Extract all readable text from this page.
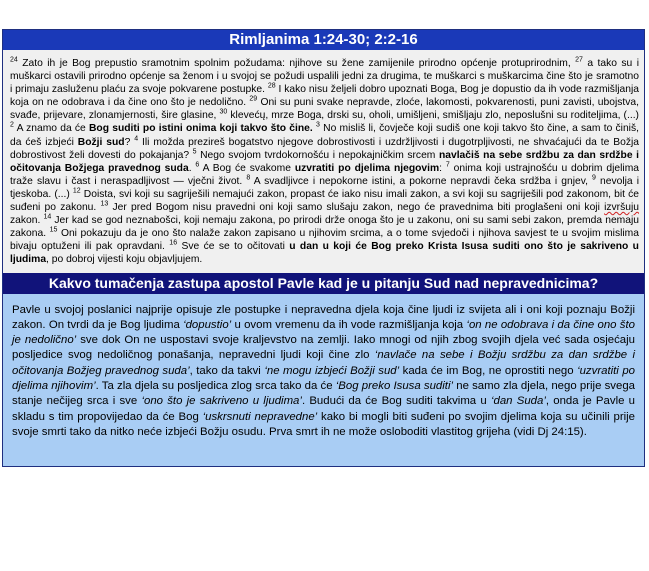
Rimljanima 1:24-30; 2:2-16
$^{24}$ Zato ih je Bog prepustio sramotnim spolnim požudama: njihove su žene zamijenile prirodno općenje protuprirodnim, $^{27}$ a tako su i muškarci ostavili prirodno općenje sa ženom i u svojoj se požudi uspalili jedni za drugima, te muškarci s muškarcima čine što je sramotno i primaju zasluženu plaću za svoje pokvarene postupke. $^{28}$ I kako nisu željeli dobro upoznati Boga, Bog je dopustio da ih vode razmišljanja koja on ne odobrava i da čine ono što je nedolično. $^{29}$ Oni su puni svake nepravde, zloće, lakomosti, pokvarenosti, puni zavisti, ubojstva, svađe, prijevare, zlonamjernosti, šire glasine, $^{30}$ klevećų, mrze Boga, drski su, oholi, umišljeni, smišljaju zlo, neposlušni su roditeljima, (...) $^2$ A znamo da će Bog suditi po istini onima koji takvo što čine. $^3$ No misliš li, čovječe koji sudiš one koji takvo što čine, a sam to činiš, da ćeš izbjeći Božji sud? $^4$ Ili možda prezireš bogatstvo njegove dobrostivosti i uzdržljivosti i dugotrpljivosti, ne shvaćajući da te Božja dobrostivost želi dovesti do pokajanja? $^5$ Nego svojom tvrdokornošću i nepokajničkim srcem navlačiš na sebe srdžbu za dan srdžbe i očitovanja Božjega pravednog suda. $^6$ A Bog će svakome uzvratiti po djelima njegovim: $^7$ onima koji ustrajnošću u dobrim djelima traže slavu i čast i neraspadljivost — vječni život. $^8$ A svadljivce i nepokorne istini, a pokorne nepravdi čeka srdžba i gnjev, $^9$ nevolja i tjeskoba. (...) $^{12}$ Doista, svi koji su sagriješili nemajući zakon, propast će iako nisu imali zakon, a svi koji su sagriješili pod zakonom, bit će suđeni po zakonu. $^{13}$ Jer pred Bogom nisu pravedni oni koji samo slušaju zakon, nego će pravednima biti proglašeni oni koji izvršuju zakon. $^{14}$ Jer kad se god neznabošci, koji nemaju zakona, po prirodi drže onoga što je u zakonu, oni su sami sebi zakon, premda nemaju zakona. $^{15}$ Oni pokazuju da je ono što nalaže zakon zapisano u njihovim srcima, a o tome svjedoči i njihova savjest te u svojim mislima bivaju optuženi ili pak opravdani. $^{16}$ Sve će se to očitovati u dan u koji će Bog preko Krista Isusa suditi ono što je sakriveno u ljudima, po dobroj vijesti koju objavljujem.
Kakvo tumačenja zastupa apostol Pavle kad je u pitanju Sud nad nepravednicima?
Pavle u svojoj poslanici najprije opisuje zle postupke i nepravedna djela koja čine ljudi iz svijeta ali i oni koji poznaju Božji zakon. On tvrdi da je Bog ljudima ‘dopustio’ u ovom vremenu da ih vode razmišljanja koja ‘on ne odobrava i da čine ono što je nedolično’ sve dok On ne uspostavi svoje kraljevstvo na zemlji. Iako mnogi od njih zbog svojih djela već sada osjećaju posljedice svog nedoličnog ponašanja, nepravedni ljudi koji čine zlo ‘navlače na sebe i Božju srdžbu za dan srdžbe i očitovanja Božjeg pravednog suda’, tako da takvi ‘ne mogu izbjeći Božji sud’ kada će im Bog, ne oprostiti nego ‘uzvratiti po djelima njihovim’. Ta zla djela su posljedica zlog srca tako da će ‘Bog preko Isusa suditi’ ne samo zla djela, nego prije svega stanje nečijeg srca i sve ‘ono što je sakriveno u ljudima’. Budući da će Bog suditi takvima u ‘dan Suda’, onda je Pavle u skladu s tim propovijedao da će Bog ‘uskrsnuti nepravedne’ kako bi mogli biti suđeni po svojim djelima koja su učinili prije svoje smrti tako da nitko neće izbjeći Božju osudu. Prva smrt ih ne može osloboditi vlastitog grijeha (vidi Dj 24:15).
